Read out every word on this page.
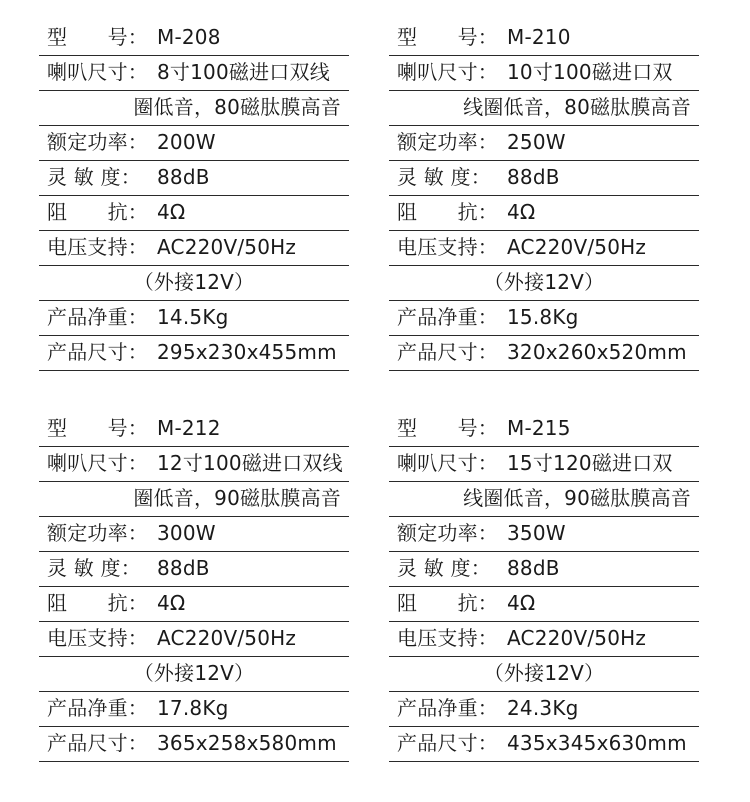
型　　号： M-208
喇叭尺寸： 8寸100磁进口双线
圈低音，80磁肽膜高音
额定功率： 200W
灵 敏 度： 88dB
阻　　抗： 4Ω
电压支持： AC220V/50Hz
（外接12V）
产品净重： 14.5Kg
产品尺寸： 295x230x455mm
型　　号： M-210
喇叭尺寸： 10寸100磁进口双
线圈低音，80磁肽膜高音
额定功率： 250W
灵 敏 度： 88dB
阻　　抗： 4Ω
电压支持： AC220V/50Hz
（外接12V）
产品净重： 15.8Kg
产品尺寸： 320x260x520mm
型　　号： M-212
喇叭尺寸： 12寸100磁进口双线
圈低音，90磁肽膜高音
额定功率： 300W
灵 敏 度： 88dB
阻　　抗： 4Ω
电压支持： AC220V/50Hz
（外接12V）
产品净重： 17.8Kg
产品尺寸： 365x258x580mm
型　　号： M-215
喇叭尺寸： 15寸120磁进口双
线圈低音，90磁肽膜高音
额定功率： 350W
灵 敏 度： 88dB
阻　　抗： 4Ω
电压支持： AC220V/50Hz
（外接12V）
产品净重： 24.3Kg
产品尺寸： 435x345x630mm
